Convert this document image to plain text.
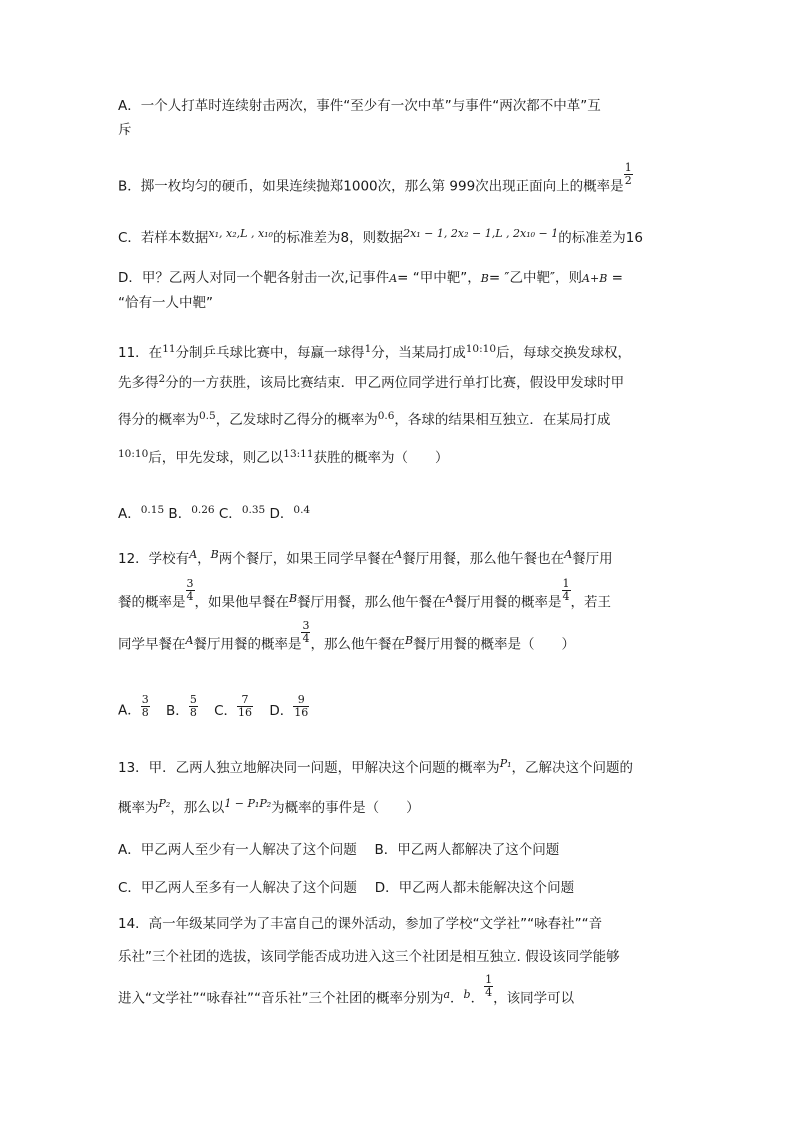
A．一个人打革时连续射击两次，事件“至少有一次中革”与事件“两次都不中革”互
斥
B．掷一枚均匀的硬币，如果连续抛郑1000次，那么第 999次出现正面向上的概率是 $\frac{1}{2}$
C．若样本数据$^{x_1, x_2,L , x_{10}}$的标准差为8，则数据$^{2x_1 - 1, 2x_2 - 1,L , 2x_{10} - 1}$的标准差为16
D．甲？乙两人对同一个靶各射击一次,记事件A= “甲中靶”，B= ″乙中靶″，则A+B =
“恰有一人中靶”
11．在$^{11}$分制乒乓球比赛中，每赢一球得$^1$分，当某局打成$^{10:10}$后，每球交换发球权，
先多得$^2$分的一方获胜，该局比赛结束．甲乙两位同学进行单打比赛，假设甲发球时甲
得分的概率为$^{0.5}$，乙发球时乙得分的概率为$^{0.6}$，各球的结果相互独立．在某局打成
$^{10:10}$后，甲先发球，则乙以$^{13:11}$获胜的概率为（　　）
A．$^{0.15}$ B．$^{0.26}$ C．$^{0.35}$ D．$^{0.4}$
12．学校有$^A$，$^B$两个餐厅，如果王同学早餐在$^A$餐厅用餐，那么他午餐也在$^A$餐厅用
餐的概率是 $\frac{3}{4}$ ，如果他早餐在$^B$餐厅用餐，那么他午餐在$^A$餐厅用餐的概率是 $\frac{1}{4}$ ，若王
同学早餐在$^A$餐厅用餐的概率是 $\frac{3}{4}$ ，那么他午餐在$^B$餐厅用餐的概率是（　　）
A． $\frac{3}{8}$ B． $\frac{5}{8}$ C． $\frac{7}{16}$ D． $\frac{9}{16}$
13．甲．乙两人独立地解决同一问题，甲解决这个问题的概率为$^{P_1}$，乙解决这个问题的
概率为$^{P_2}$，那么以$^{1 - P_1P_2}$为概率的事件是（　　）
A．甲乙两人至少有一人解决了这个问题　 B．甲乙两人都解决了这个问题
C．甲乙两人至多有一人解决了这个问题　 D．甲乙两人都未能解决这个问题
14．高一年级某同学为了丰富自己的课外活动，参加了学校“文学社”“咏春社”“音
乐社”三个社团的选拔，该同学能否成功进入这三个社团是相互独立. 假设该同学能够
进入“文学社”“咏春社”“音乐社”三个社团的概率分别为$^a$．$^b$． $\frac{1}{4}$ ，该同学可以
